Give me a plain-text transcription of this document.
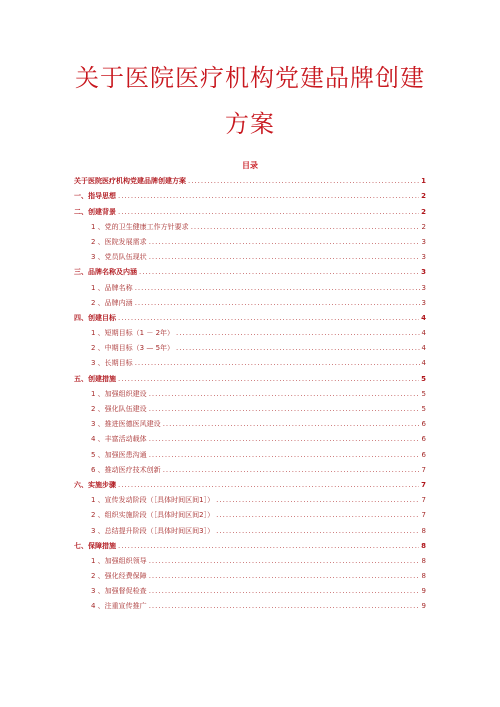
关于医院医疗机构党建品牌创建
方案
目录
关于医院医疗机构党建品牌创建方案 .....	1
一、指导思想 .....	2
二、创建背景 .....	2
1 、党的卫生健康工作方针要求 .....	2
2 、医院发展需求 .....	3
3 、党员队伍现状 .....	3
三、品牌名称及内涵 .....	3
1 、品牌名称 .....	3
2 、品牌内涵 .....	3
四、创建目标 .....	4
1 、短期目标（1 － 2年） .....	4
2 、中期目标（3 — 5年） .....	4
3 、长期目标 .....	4
五、创建措施 .....	5
1 、加强组织建设 .....	5
2 、强化队伍建设 .....	5
3 、推进医德医风建设 .....	6
4 、丰富活动载体 .....	6
5 、加强医患沟通 .....	6
6 、推动医疗技术创新 .....	7
六、实施步骤 .....	7
1 、宣传发动阶段（［具体时间区间1］） .....	7
2 、组织实施阶段（［具体时间区间2］） .....	7
3 、总结提升阶段（［具体时间区间3］） .....	8
七、保障措施 .....	8
1 、加强组织领导 .....	8
2 、强化经费保障 .....	8
3 、加强督促检查 .....	9
4 、注重宣传推广 .....	9
